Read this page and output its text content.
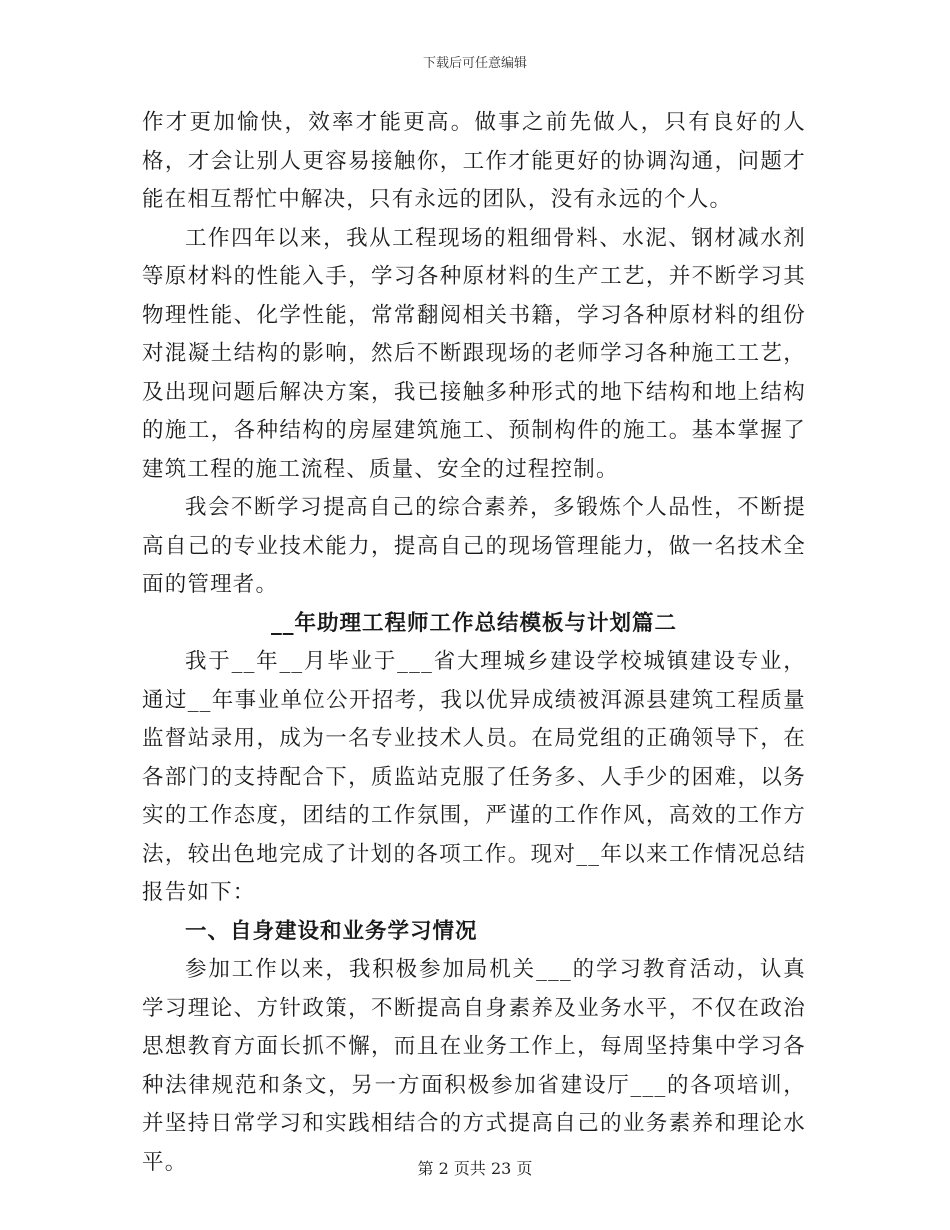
下载后可任意编辑

作才更加愉快，效率才能更高。做事之前先做人，只有良好的人格，才会让别人更容易接触你，工作才能更好的协调沟通，问题才能在相互帮忙中解决，只有永远的团队，没有永远的个人。

工作四年以来，我从工程现场的粗细骨料、水泥、钢材减水剂等原材料的性能入手，学习各种原材料的生产工艺，并不断学习其物理性能、化学性能，常常翻阅相关书籍，学习各种原材料的组份对混凝土结构的影响，然后不断跟现场的老师学习各种施工工艺，及出现问题后解决方案，我已接触多种形式的地下结构和地上结构的施工，各种结构的房屋建筑施工、预制构件的施工。基本掌握了建筑工程的施工流程、质量、安全的过程控制。

我会不断学习提高自己的综合素养，多锻炼个人品性，不断提高自己的专业技术能力，提高自己的现场管理能力，做一名技术全面的管理者。

__年助理工程师工作总结模板与计划篇二

我于__年__月毕业于___省大理城乡建设学校城镇建设专业，通过__年事业单位公开招考，我以优异成绩被洱源县建筑工程质量监督站录用，成为一名专业技术人员。在局党组的正确领导下，在各部门的支持配合下，质监站克服了任务多、人手少的困难，以务实的工作态度，团结的工作氛围，严谨的工作作风，高效的工作方法，较出色地完成了计划的各项工作。现对__年以来工作情况总结报告如下：

一、自身建设和业务学习情况

参加工作以来，我积极参加局机关___的学习教育活动，认真学习理论、方针政策，不断提高自身素养及业务水平，不仅在政治思想教育方面长抓不懈，而且在业务工作上，每周坚持集中学习各种法律规范和条文，另一方面积极参加省建设厅___的各项培训，并坚持日常学习和实践相结合的方式提高自己的业务素养和理论水平。	第 2 页共 23 页
